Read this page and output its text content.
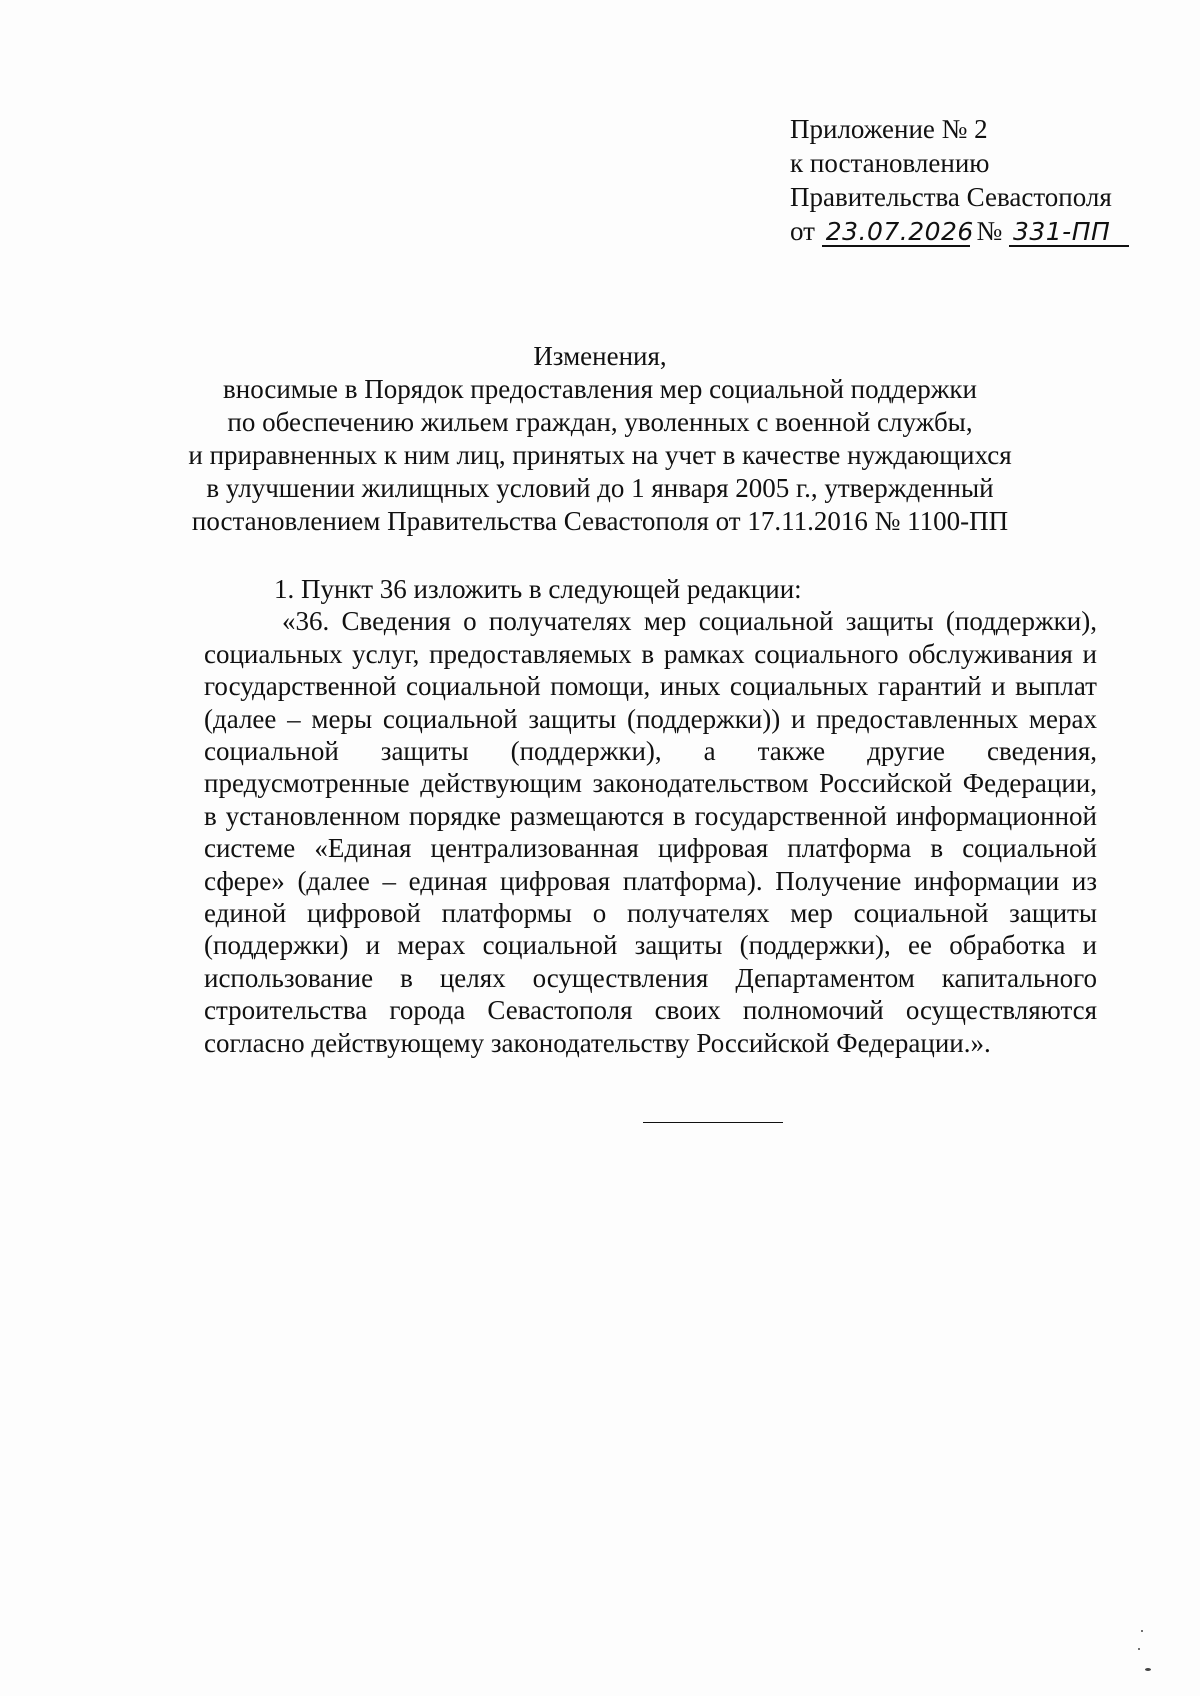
Приложение № 2
к постановлению
Правительства Севастополя
от 23.07.2026 № 331-ПП
Изменения,
вносимые в Порядок предоставления мер социальной поддержки
по обеспечению жильем граждан, уволенных с военной службы,
и приравненных к ним лиц, принятых на учет в качестве нуждающихся
в улучшении жилищных условий до 1 января 2005 г., утвержденный
постановлением Правительства Севастополя от 17.11.2016 № 1100-ПП
1. Пункт 36 изложить в следующей редакции:

«36. Сведения о получателях мер социальной защиты (поддержки), социальных услуг, предоставляемых в рамках социального обслуживания и государственной социальной помощи, иных социальных гарантий и выплат (далее – меры социальной защиты (поддержки)) и предоставленных мерах социальной защиты (поддержки), а также другие сведения, предусмотренные действующим законодательством Российской Федерации, в установленном порядке размещаются в государственной информационной системе «Единая централизованная цифровая платформа в социальной сфере» (далее – единая цифровая платформа). Получение информации из единой цифровой платформы о получателях мер социальной защиты (поддержки) и мерах социальной защиты (поддержки), ее обработка и использование в целях осуществления Департаментом капитального строительства города Севастополя своих полномочий осуществляются согласно действующему законодательству Российской Федерации.».
